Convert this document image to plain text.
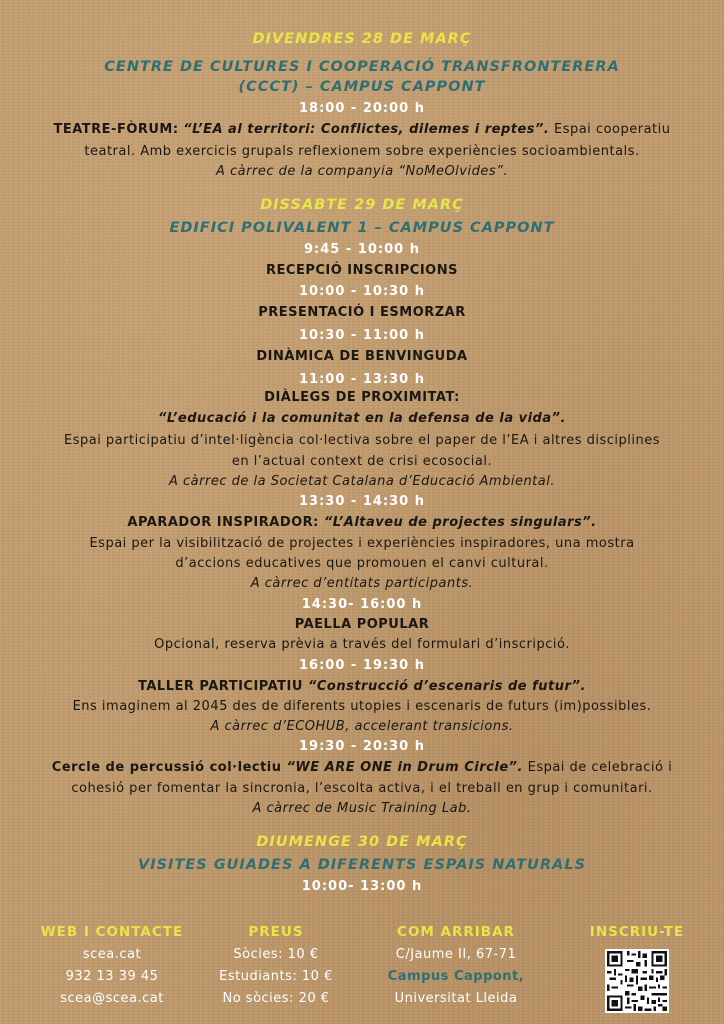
DIVENDRES 28 DE MARÇ
CENTRE DE CULTURES I COOPERACIÓ TRANSFRONTERERA
(CCCT) – CAMPUS CAPPONT
18:00 - 20:00 h
TEATRE-FÒRUM: “L’EA al territori: Conflictes, dilemes i reptes”. Espai cooperatiu
teatral. Amb exercicis grupals reflexionem sobre experiències socioambientals.
A càrrec de la companyia “NoMeOlvides”.
DISSABTE 29 DE MARÇ
EDIFICI POLIVALENT 1 – CAMPUS CAPPONT
9:45 - 10:00 h
RECEPCIÓ INSCRIPCIONS
10:00 - 10:30 h
PRESENTACIÓ I ESMORZAR
10:30 - 11:00 h
DINÀMICA DE BENVINGUDA
11:00 - 13:30 h
DIÀLEGS DE PROXIMITAT:
“L’educació i la comunitat en la defensa de la vida”.
Espai participatiu d’intel·ligència col·lectiva sobre el paper de l’EA i altres disciplines
en l’actual context de crisi ecosocial.
A càrrec de la Societat Catalana d’Educació Ambiental.
13:30 - 14:30 h
APARADOR INSPIRADOR: “L’Altaveu de projectes singulars”.
Espai per la visibilització de projectes i experiències inspiradores, una mostra
d’accions educatives que promouen el canvi cultural.
A càrrec d’entitats participants.
14:30- 16:00 h
PAELLA POPULAR
Opcional, reserva prèvia a través del formulari d’inscripció.
16:00 - 19:30 h
TALLER PARTICIPATIU “Construcció d’escenaris de futur”.
Ens imaginem al 2045 des de diferents utopies i escenaris de futurs (im)possibles.
A càrrec d’ECOHUB, accelerant transicions.
19:30 - 20:30 h
Cercle de percussió col·lectiu “WE ARE ONE in Drum Circle”. Espai de celebració i
cohesió per fomentar la sincronia, l’escolta activa, i el treball en grup i comunitari.
A càrrec de Music Training Lab.
DIUMENGE 30 DE MARÇ
VISITES GUIADES A DIFERENTS ESPAIS NATURALS
10:00- 13:00 h
WEB I CONTACTE
scea.cat
932 13 39 45
scea@scea.cat
PREUS
Sòcies: 10 €
Estudiants: 10 €
No sòcies: 20 €
COM ARRIBAR
C/Jaume II, 67-71
Campus Cappont,
Universitat Lleida
INSCRIU-TE
